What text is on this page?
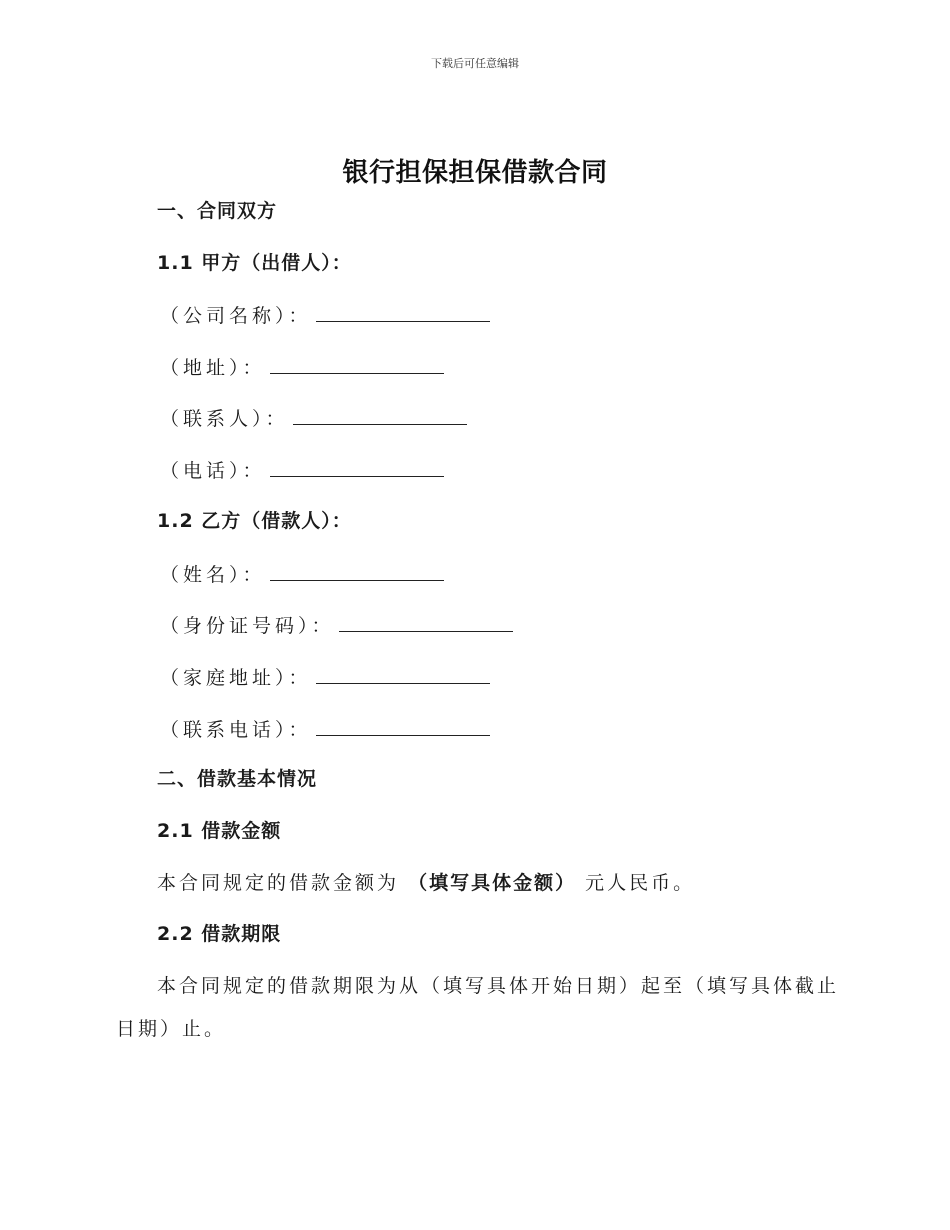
下载后可任意编辑
银行担保担保借款合同
一、合同双方
1.1 甲方（出借人）：
（公司名称）：
（地址）：
（联系人）：
（电话）：
1.2 乙方（借款人）：
（姓名）：
（身份证号码）：
（家庭地址）：
（联系电话）：
二、借款基本情况
2.1 借款金额
本合同规定的借款金额为 （填写具体金额） 元人民币。
2.2 借款期限
本合同规定的借款期限为从（填写具体开始日期）起至（填写具体截止
日期）止。
